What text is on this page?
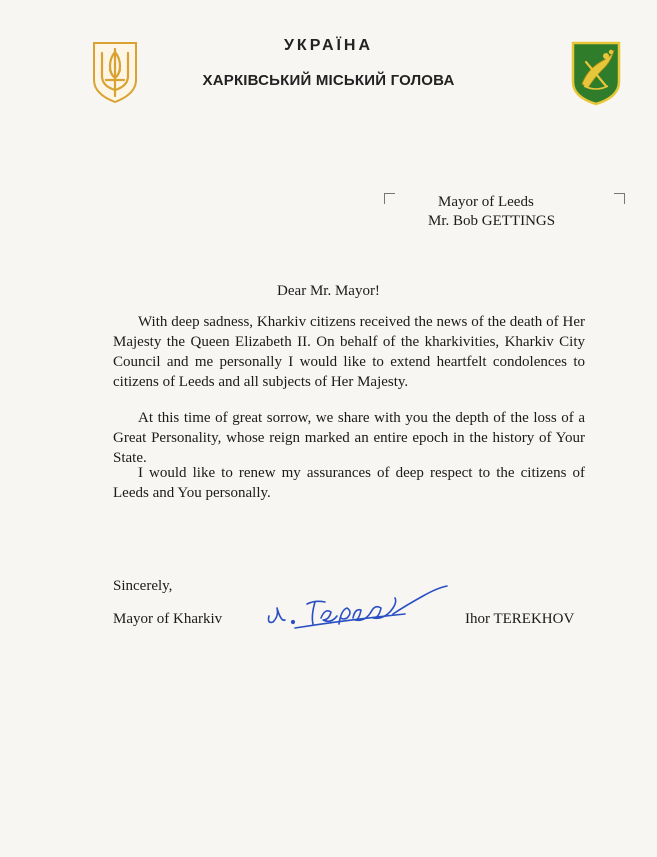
УКРАЇНА
ХАРКІВСЬКИЙ МІСЬКИЙ ГОЛОВА
Mayor of Leeds
Mr. Bob GETTINGS
Dear Mr. Mayor!

With deep sadness, Kharkiv citizens received the news of the death of Her Majesty the Queen Elizabeth II. On behalf of the kharkivities, Kharkiv City Council and me personally I would like to extend heartfelt condolences to citizens of Leeds and all subjects of Her Majesty.

At this time of great sorrow, we share with you the depth of the loss of a Great Personality, whose reign marked an entire epoch in the history of Your State.

I would like to renew my assurances of deep respect to the citizens of Leeds and You personally.

Sincerely,
Mayor of Kharkiv	Ihor TEREKHOV
